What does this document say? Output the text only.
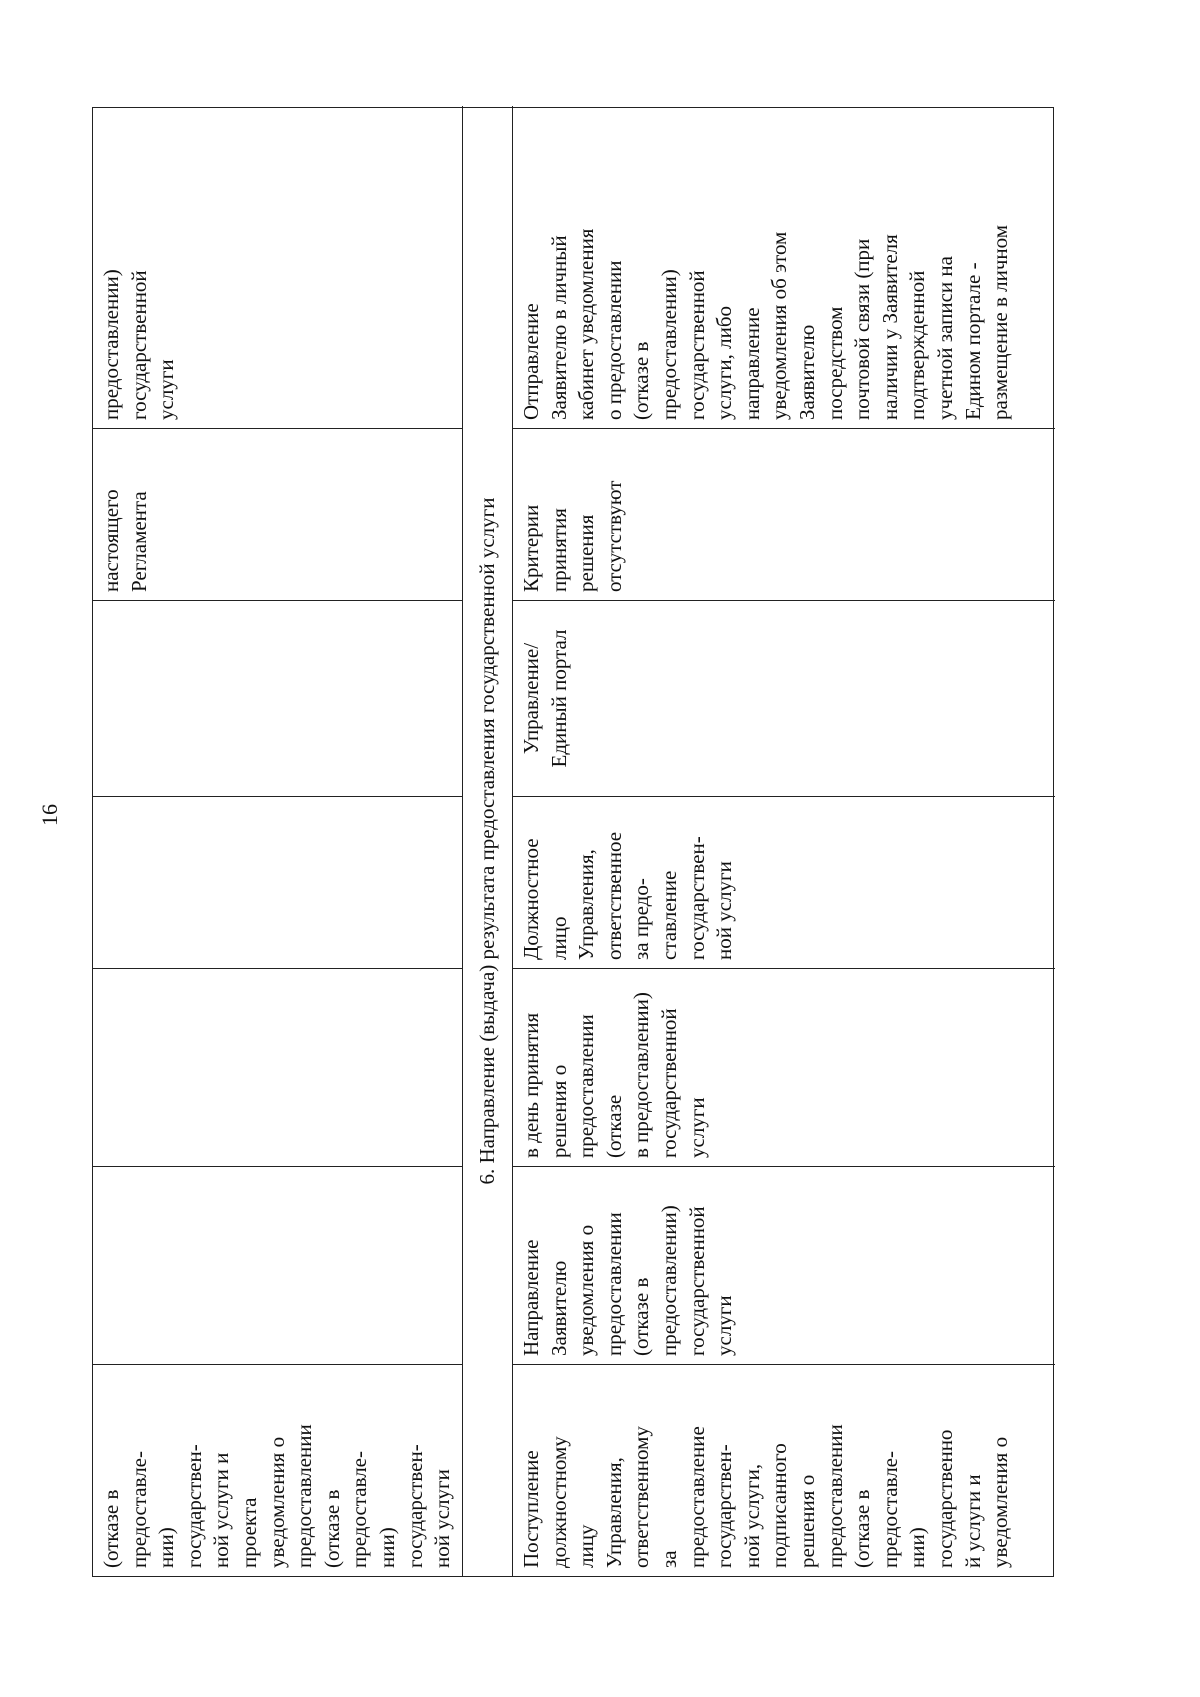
16
(отказе в
предоставле-
нии)
государствен-
ной услуги и
проекта
уведомления о
предоставлении
(отказе в
предоставле-
нии)
государствен-
ной услуги
настоящего
Регламента
предоставлении)
государственной
услуги
6. Направление (выдача) результата предоставления государственной услуги
Поступление
должностному
лицу
Управления,
ответственному
за
предоставление
государствен-
ной услуги,
подписанного
решения о
предоставлении
(отказе в
предоставле-
нии)
государственно
й услуги и
уведомления о
Направление
Заявителю
уведомления о
предоставлении
(отказе в
предоставлении)
государственной
услуги
в день принятия
решения о
предоставлении
(отказе
в предоставлении)
государственной
услуги
Должностное
лицо
Управления,
ответственное
за предо-
ставление
государствен-
ной услуги
Управление/
Единый портал
Критерии
принятия
решения
отсутствуют
Отправление
Заявителю в личный
кабинет уведомления
о предоставлении
(отказе в
предоставлении)
государственной
услуги, либо
направление
уведомления об этом
Заявителю
посредством
почтовой связи (при
наличии у Заявителя
подтвержденной
учетной записи на
Едином портале -
размещение в личном
